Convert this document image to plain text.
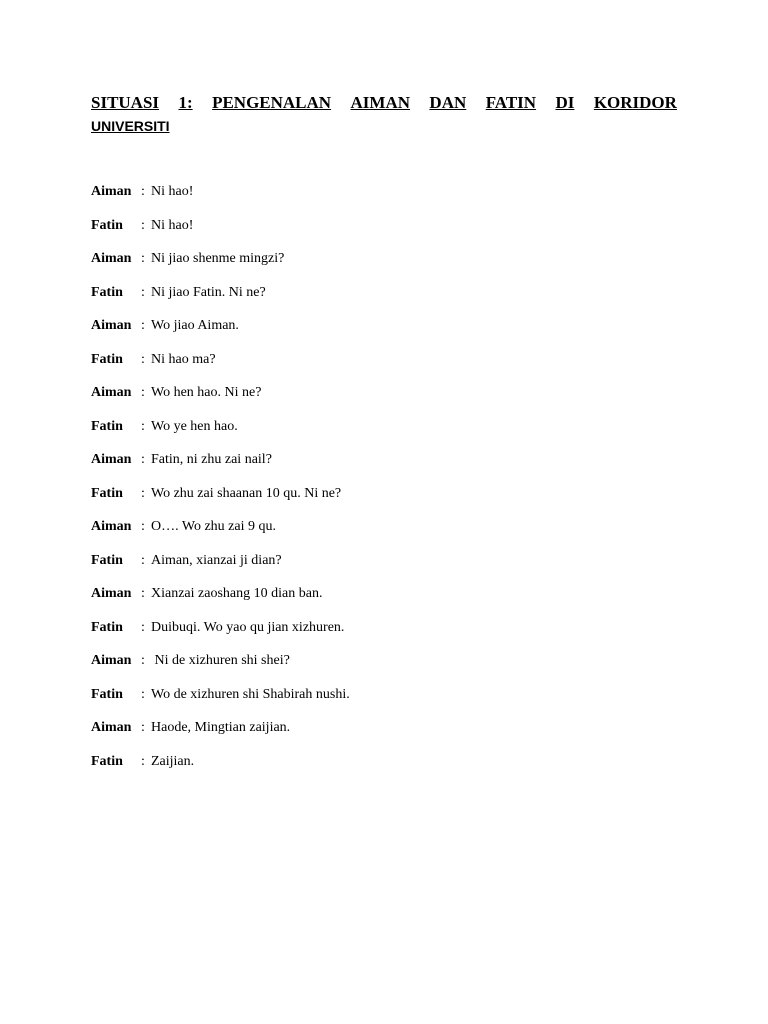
SITUASI 1: PENGENALAN AIMAN DAN FATIN DI KORIDOR
UNIVERSITI
Aiman : Ni hao!
Fatin	: Ni hao!
Aiman : Ni jiao shenme mingzi?
Fatin	: Ni jiao Fatin. Ni ne?
Aiman : Wo jiao Aiman.
Fatin	: Ni hao ma?
Aiman : Wo hen hao. Ni ne?
Fatin	: Wo ye hen hao.
Aiman : Fatin, ni zhu zai nail?
Fatin	: Wo zhu zai shaanan 10 qu. Ni ne?
Aiman : O…. Wo zhu zai 9 qu.
Fatin	: Aiman, xianzai ji dian?
Aiman : Xianzai zaoshang 10 dian ban.
Fatin	: Duibuqi. Wo yao qu jian xizhuren.
Aiman : Ni de xizhuren shi shei?
Fatin	: Wo de xizhuren shi Shabirah nushi.
Aiman : Haode, Mingtian zaijian.
Fatin	: Zaijian.
